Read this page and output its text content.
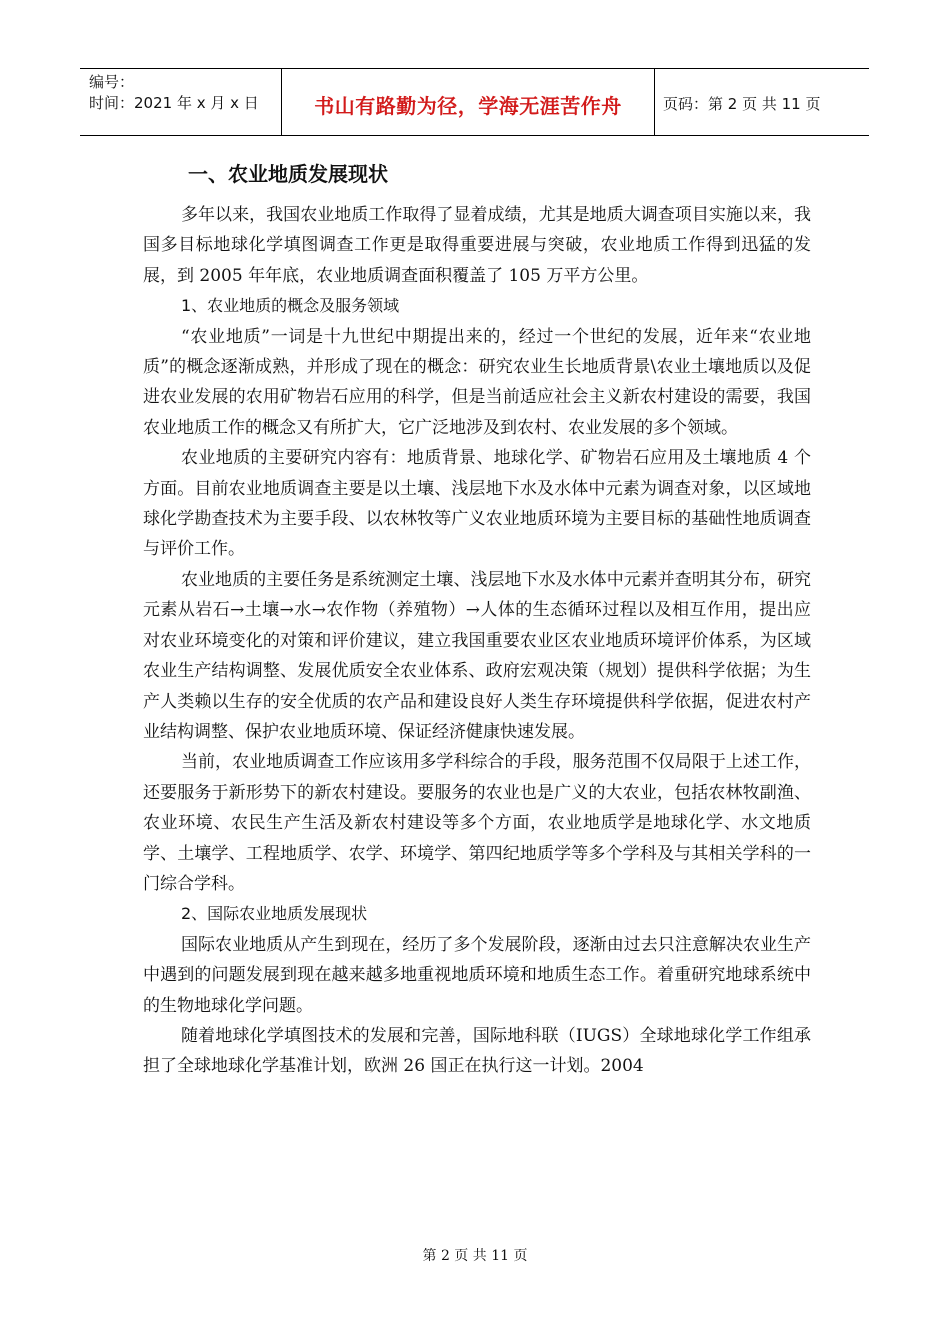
编号：
时间：2021 年 x 月 x 日	书山有路勤为径，学海无涯苦作舟	页码：第 2 页 共 11 页
一、农业地质发展现状

多年以来，我国农业地质工作取得了显着成绩，尤其是地质大调查项目实施以来，我国多目标地球化学填图调查工作更是取得重要进展与突破，农业地质工作得到迅猛的发展，到 2005 年年底，农业地质调查面积覆盖了 105 万平方公里。

1、农业地质的概念及服务领域

“农业地质”一词是十九世纪中期提出来的，经过一个世纪的发展，近年来“农业地质”的概念逐渐成熟，并形成了现在的概念：研究农业生长地质背景\农业土壤地质以及促进农业发展的农用矿物岩石应用的科学，但是当前适应社会主义新农村建设的需要，我国农业地质工作的概念又有所扩大，它广泛地涉及到农村、农业发展的多个领域。

农业地质的主要研究内容有：地质背景、地球化学、矿物岩石应用及土壤地质 4 个方面。目前农业地质调查主要是以土壤、浅层地下水及水体中元素为调查对象，以区域地球化学勘查技术为主要手段、以农林牧等广义农业地质环境为主要目标的基础性地质调查与评价工作。

农业地质的主要任务是系统测定土壤、浅层地下水及水体中元素并查明其分布，研究元素从岩石→土壤→水→农作物（养殖物）→人体的生态循环过程以及相互作用，提出应对农业环境变化的对策和评价建议，建立我国重要农业区农业地质环境评价体系，为区域农业生产结构调整、发展优质安全农业体系、政府宏观决策（规划）提供科学依据；为生产人类赖以生存的安全优质的农产品和建设良好人类生存环境提供科学依据，促进农村产业结构调整、保护农业地质环境、保证经济健康快速发展。

当前，农业地质调查工作应该用多学科综合的手段，服务范围不仅局限于上述工作，还要服务于新形势下的新农村建设。要服务的农业也是广义的大农业，包括农林牧副渔、农业环境、农民生产生活及新农村建设等多个方面，农业地质学是地球化学、水文地质学、土壤学、工程地质学、农学、环境学、第四纪地质学等多个学科及与其相关学科的一门综合学科。

2、国际农业地质发展现状

国际农业地质从产生到现在，经历了多个发展阶段，逐渐由过去只注意解决农业生产中遇到的问题发展到现在越来越多地重视地质环境和地质生态工作。着重研究地球系统中的生物地球化学问题。

随着地球化学填图技术的发展和完善，国际地科联（IUGS）全球地球化学工作组承担了全球地球化学基准计划，欧洲 26 国正在执行这一计划。2004

第 2 页 共 11 页
